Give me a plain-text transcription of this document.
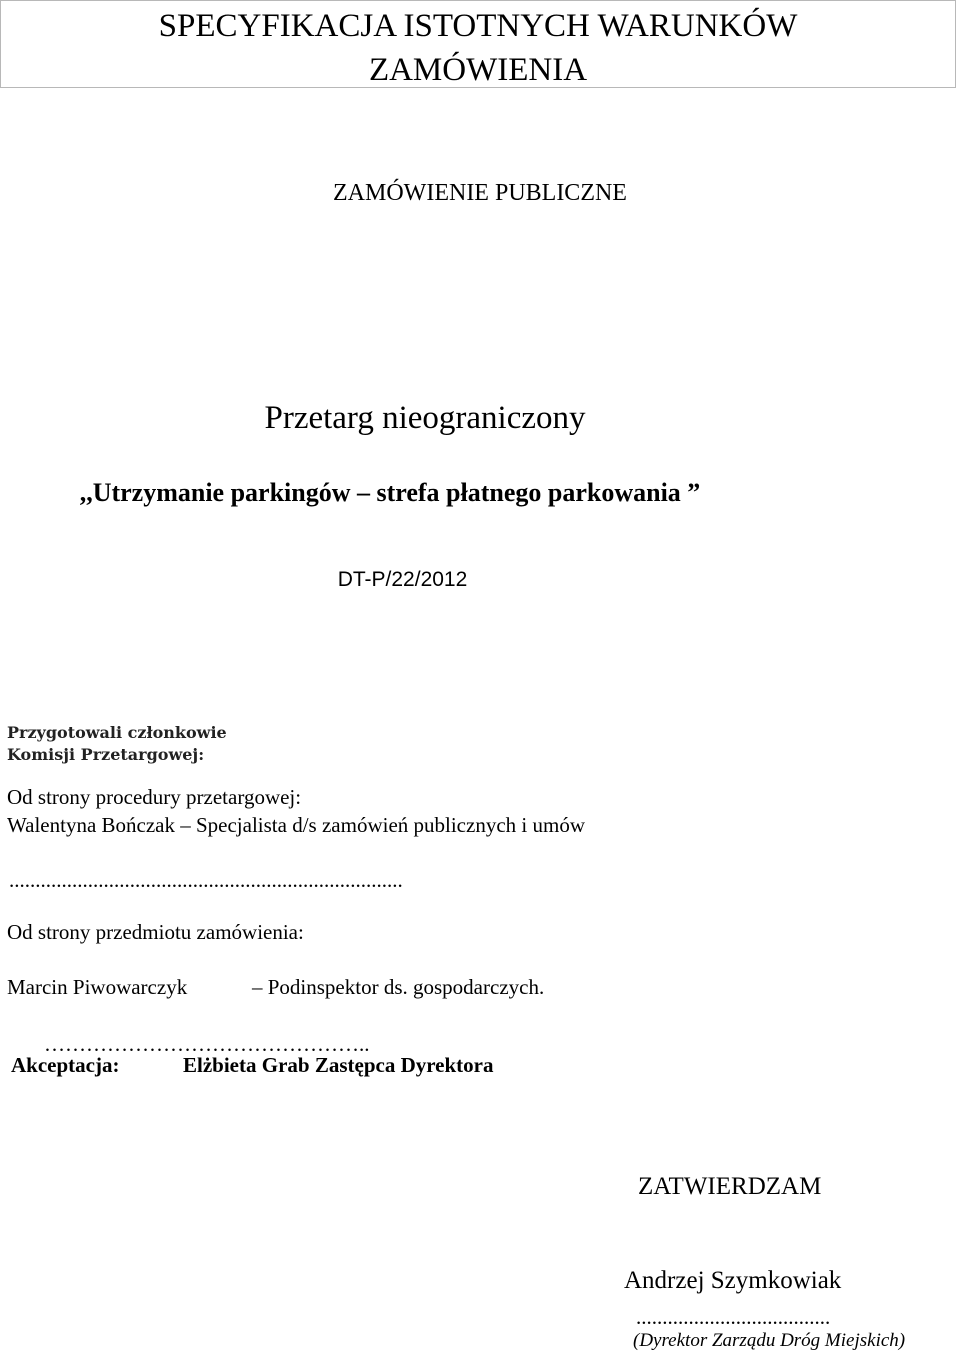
SPECYFIKACJA ISTOTNYCH WARUNKÓW
ZAMÓWIENIA
ZAMÓWIENIE PUBLICZNE
Przetarg nieograniczony
,,Utrzymanie parkingów – strefa płatnego parkowania ”
DT-P/22/2012
Przygotowali członkowie
Komisji Przetargowej:
Od strony procedury przetargowej:
Walentyna Bończak – Specjalista d/s zamówień publicznych i umów
...........................................................................
Od strony przedmiotu zamówienia:
Marcin Piwowarczyk	– Podinspektor ds. gospodarczych.
………………………………………..
Akceptacja:	Elżbieta Grab Zastępca Dyrektora
ZATWIERDZAM
Andrzej Szymkowiak
.....................................
(Dyrektor Zarządu Dróg Miejskich)
